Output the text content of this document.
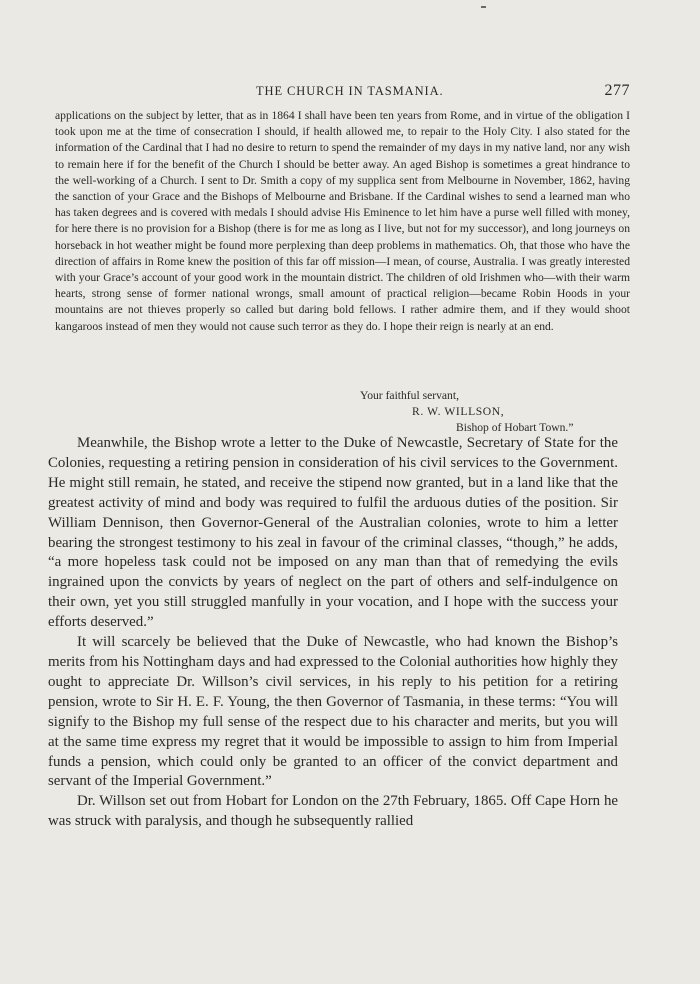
THE CHURCH IN TASMANIA.	277

applications on the subject by letter, that as in 1864 I shall have been ten years from Rome, and in virtue of the obligation I took upon me at the time of consecration I should, if health allowed me, to repair to the Holy City. I also stated for the information of the Cardinal that I had no desire to return to spend the remainder of my days in my native land, nor any wish to remain here if for the benefit of the Church I should be better away. An aged Bishop is sometimes a great hindrance to the well-working of a Church. I sent to Dr. Smith a copy of my supplica sent from Melbourne in November, 1862, having the sanction of your Grace and the Bishops of Melbourne and Brisbane. If the Cardinal wishes to send a learned man who has taken degrees and is covered with medals I should advise His Eminence to let him have a purse well filled with money, for here there is no provision for a Bishop (there is for me as long as I live, but not for my successor), and long journeys on horseback in hot weather might be found more perplexing than deep problems in mathematics. Oh, that those who have the direction of affairs in Rome knew the position of this far off mission—I mean, of course, Australia. I was greatly interested with your Grace’s account of your good work in the mountain district. The children of old Irishmen who—with their warm hearts, strong sense of former national wrongs, small amount of practical religion—became Robin Hoods in your mountains are not thieves properly so called but daring bold fellows. I rather admire them, and if they would shoot kangaroos instead of men they would not cause such terror as they do. I hope their reign is nearly at an end.

Your faithful servant,
R. W. WILLSON,
Bishop of Hobart Town.”

Meanwhile, the Bishop wrote a letter to the Duke of Newcastle, Secretary of State for the Colonies, requesting a retiring pension in consideration of his civil services to the Government. He might still remain, he stated, and receive the stipend now granted, but in a land like that the greatest activity of mind and body was required to fulfil the arduous duties of the position. Sir William Dennison, then Governor-General of the Australian colonies, wrote to him a letter bearing the strongest testimony to his zeal in favour of the criminal classes, “though,” he adds, “a more hopeless task could not be imposed on any man than that of remedying the evils ingrained upon the convicts by years of neglect on the part of others and self-indulgence on their own, yet you still struggled manfully in your vocation, and I hope with the success your efforts deserved.”

It will scarcely be believed that the Duke of Newcastle, who had known the Bishop’s merits from his Nottingham days and had expressed to the Colonial authorities how highly they ought to appreciate Dr. Willson’s civil services, in his reply to his petition for a retiring pension, wrote to Sir H. E. F. Young, the then Governor of Tasmania, in these terms: “You will signify to the Bishop my full sense of the respect due to his character and merits, but you will at the same time express my regret that it would be impossible to assign to him from Imperial funds a pension, which could only be granted to an officer of the convict department and servant of the Imperial Government.”

Dr. Willson set out from Hobart for London on the 27th February, 1865. Off Cape Horn he was struck with paralysis, and though he subsequently rallied
